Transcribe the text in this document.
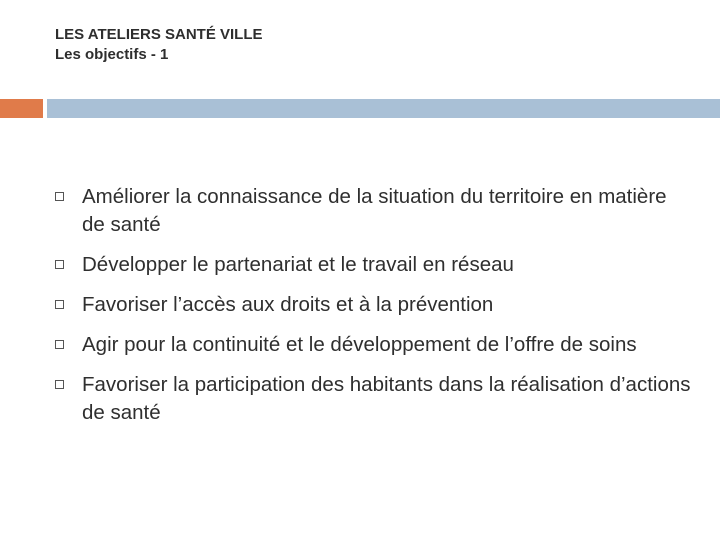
LES ATELIERS SANTÉ VILLE
Les objectifs - 1
Améliorer la connaissance de la situation du territoire en matière de santé
Développer le partenariat et le travail en réseau
Favoriser l’accès aux droits et à la prévention
Agir pour la continuité et le développement de l’offre de soins
Favoriser la participation des habitants dans la réalisation d’actions de santé
